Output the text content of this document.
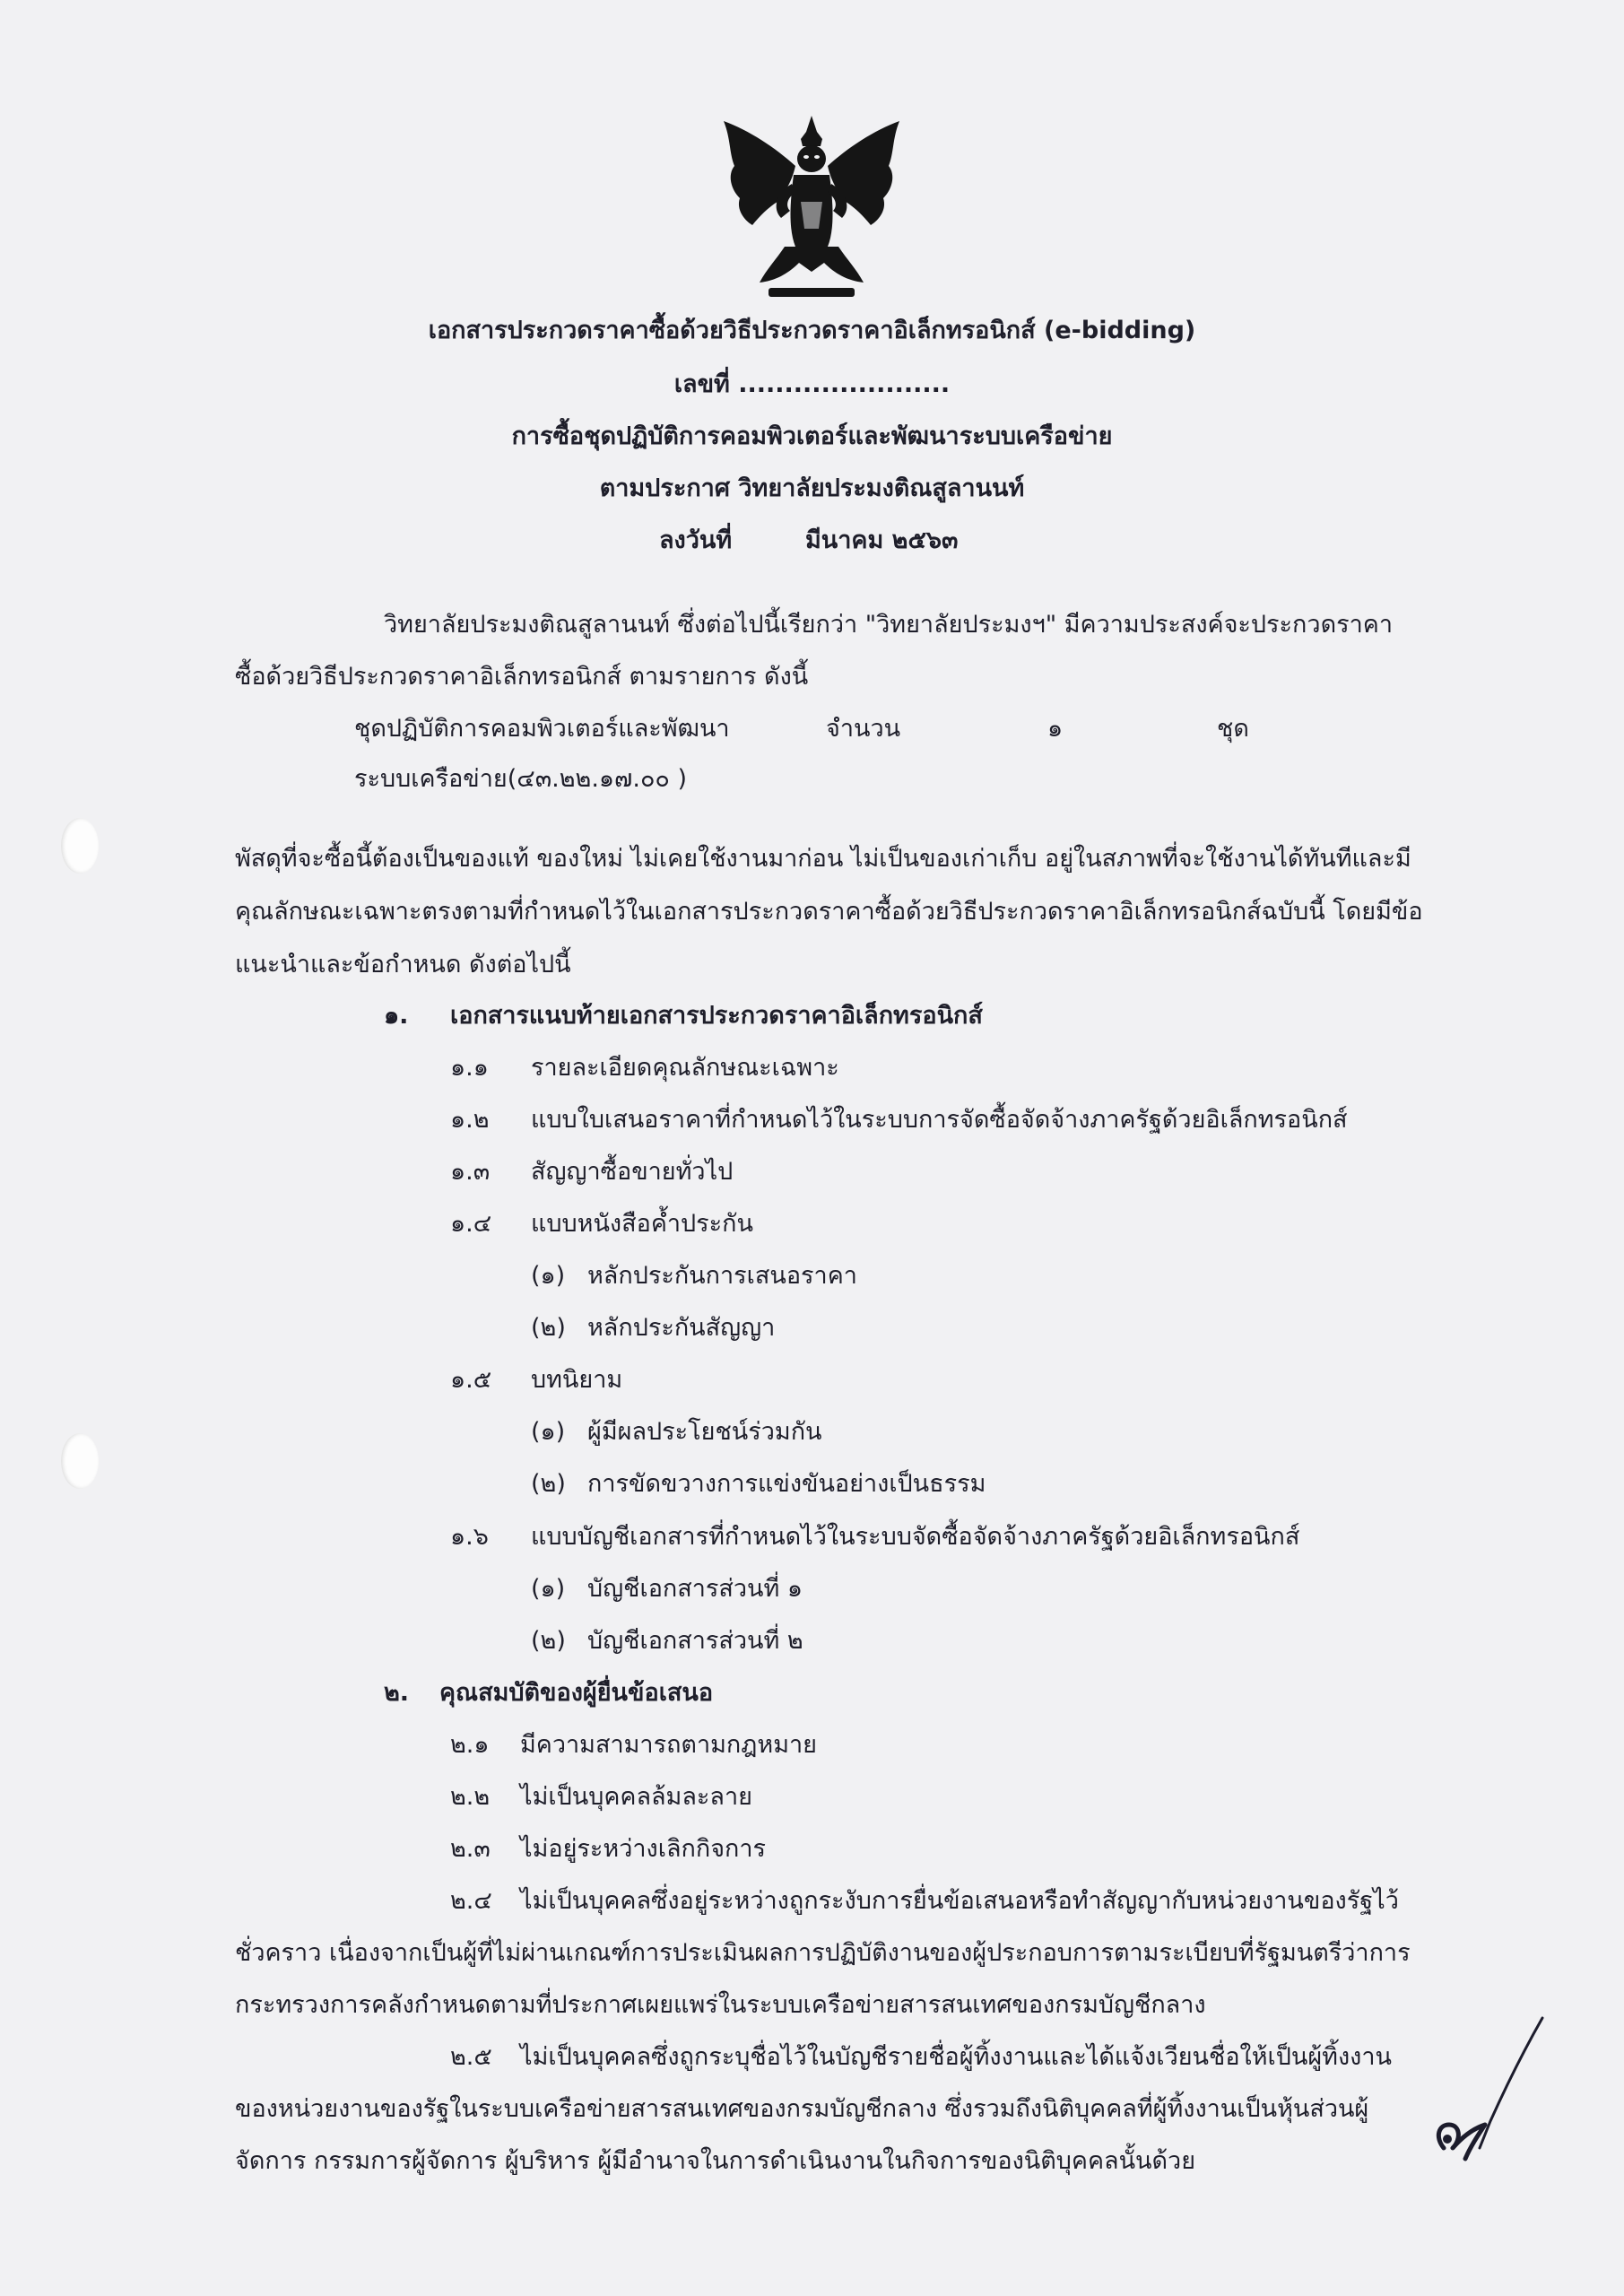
เอกสารประกวดราคาซื้อด้วยวิธีประกวดราคาอิเล็กทรอนิกส์ (e-bidding)
เลขที่ .......................
การซื้อชุดปฏิบัติการคอมพิวเตอร์และพัฒนาระบบเครือข่าย
ตามประกาศ วิทยาลัยประมงติณสูลานนท์
ลงวันที่	มีนาคม ๒๕๖๓
วิทยาลัยประมงติณสูลานนท์ ซึ่งต่อไปนี้เรียกว่า "วิทยาลัยประมงฯ" มีความประสงค์จะประกวดราคา
ซื้อด้วยวิธีประกวดราคาอิเล็กทรอนิกส์ ตามรายการ ดังนี้
ชุดปฏิบัติการคอมพิวเตอร์และพัฒนา	จำนวน	๑	ชุด
ระบบเครือข่าย(๔๓.๒๒.๑๗.๐๐ )
พัสดุที่จะซื้อนี้ต้องเป็นของแท้ ของใหม่ ไม่เคยใช้งานมาก่อน ไม่เป็นของเก่าเก็บ อยู่ในสภาพที่จะใช้งานได้ทันทีและมี
คุณลักษณะเฉพาะตรงตามที่กำหนดไว้ในเอกสารประกวดราคาซื้อด้วยวิธีประกวดราคาอิเล็กทรอนิกส์ฉบับนี้ โดยมีข้อ
แนะนำและข้อกำหนด ดังต่อไปนี้
๑. เอกสารแนบท้ายเอกสารประกวดราคาอิเล็กทรอนิกส์
๑.๑ รายละเอียดคุณลักษณะเฉพาะ
๑.๒ แบบใบเสนอราคาที่กำหนดไว้ในระบบการจัดซื้อจัดจ้างภาครัฐด้วยอิเล็กทรอนิกส์
๑.๓ สัญญาซื้อขายทั่วไป
๑.๔ แบบหนังสือค้ำประกัน
(๑) หลักประกันการเสนอราคา
(๒) หลักประกันสัญญา
๑.๕ บทนิยาม
(๑) ผู้มีผลประโยชน์ร่วมกัน
(๒) การขัดขวางการแข่งขันอย่างเป็นธรรม
๑.๖ แบบบัญชีเอกสารที่กำหนดไว้ในระบบจัดซื้อจัดจ้างภาครัฐด้วยอิเล็กทรอนิกส์
(๑) บัญชีเอกสารส่วนที่ ๑
(๒) บัญชีเอกสารส่วนที่ ๒
๒. คุณสมบัติของผู้ยื่นข้อเสนอ
๒.๑ มีความสามารถตามกฎหมาย
๒.๒ ไม่เป็นบุคคลล้มละลาย
๒.๓ ไม่อยู่ระหว่างเลิกกิจการ
๒.๔ ไม่เป็นบุคคลซึ่งอยู่ระหว่างถูกระงับการยื่นข้อเสนอหรือทำสัญญากับหน่วยงานของรัฐไว้
ชั่วคราว เนื่องจากเป็นผู้ที่ไม่ผ่านเกณฑ์การประเมินผลการปฏิบัติงานของผู้ประกอบการตามระเบียบที่รัฐมนตรีว่าการ
กระทรวงการคลังกำหนดตามที่ประกาศเผยแพร่ในระบบเครือข่ายสารสนเทศของกรมบัญชีกลาง
๒.๕ ไม่เป็นบุคคลซึ่งถูกระบุชื่อไว้ในบัญชีรายชื่อผู้ทิ้งงานและได้แจ้งเวียนชื่อให้เป็นผู้ทิ้งงาน
ของหน่วยงานของรัฐในระบบเครือข่ายสารสนเทศของกรมบัญชีกลาง ซึ่งรวมถึงนิติบุคคลที่ผู้ทิ้งงานเป็นหุ้นส่วนผู้
จัดการ กรรมการผู้จัดการ ผู้บริหาร ผู้มีอำนาจในการดำเนินงานในกิจการของนิติบุคคลนั้นด้วย
